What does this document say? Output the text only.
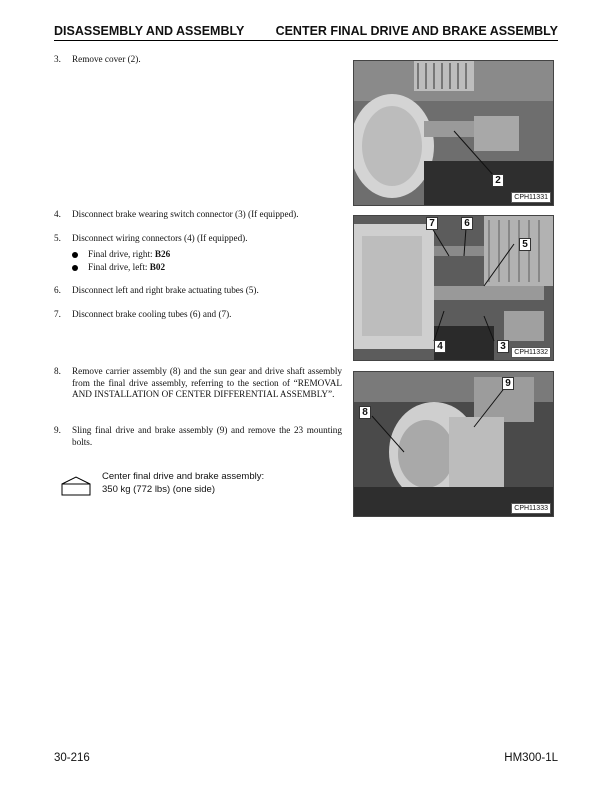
DISASSEMBLY AND ASSEMBLY CENTER FINAL DRIVE AND BRAKE ASSEMBLY
3. Remove cover (2).
4. Disconnect brake wearing switch connector (3) (If equipped).
5. Disconnect wiring connectors (4) (If equipped).
Final drive, right: B26
Final drive, left: B02
6. Disconnect left and right brake actuating tubes (5).
7. Disconnect brake cooling tubes (6) and (7).
8. Remove carrier assembly (8) and the sun gear and drive shaft assembly from the final drive assembly, referring to the section of “REMOVAL AND INSTALLATION OF CENTER DIFFERENTIAL ASSEMBLY”.
9. Sling final drive and brake assembly (9) and remove the 23 mounting bolts.
Center final drive and brake assembly:
350 kg (772 lbs) (one side)
2
CPH11331
7	6
5
4	3
CPH11332
9
8
CPH11333
30-216	HM300-1L
